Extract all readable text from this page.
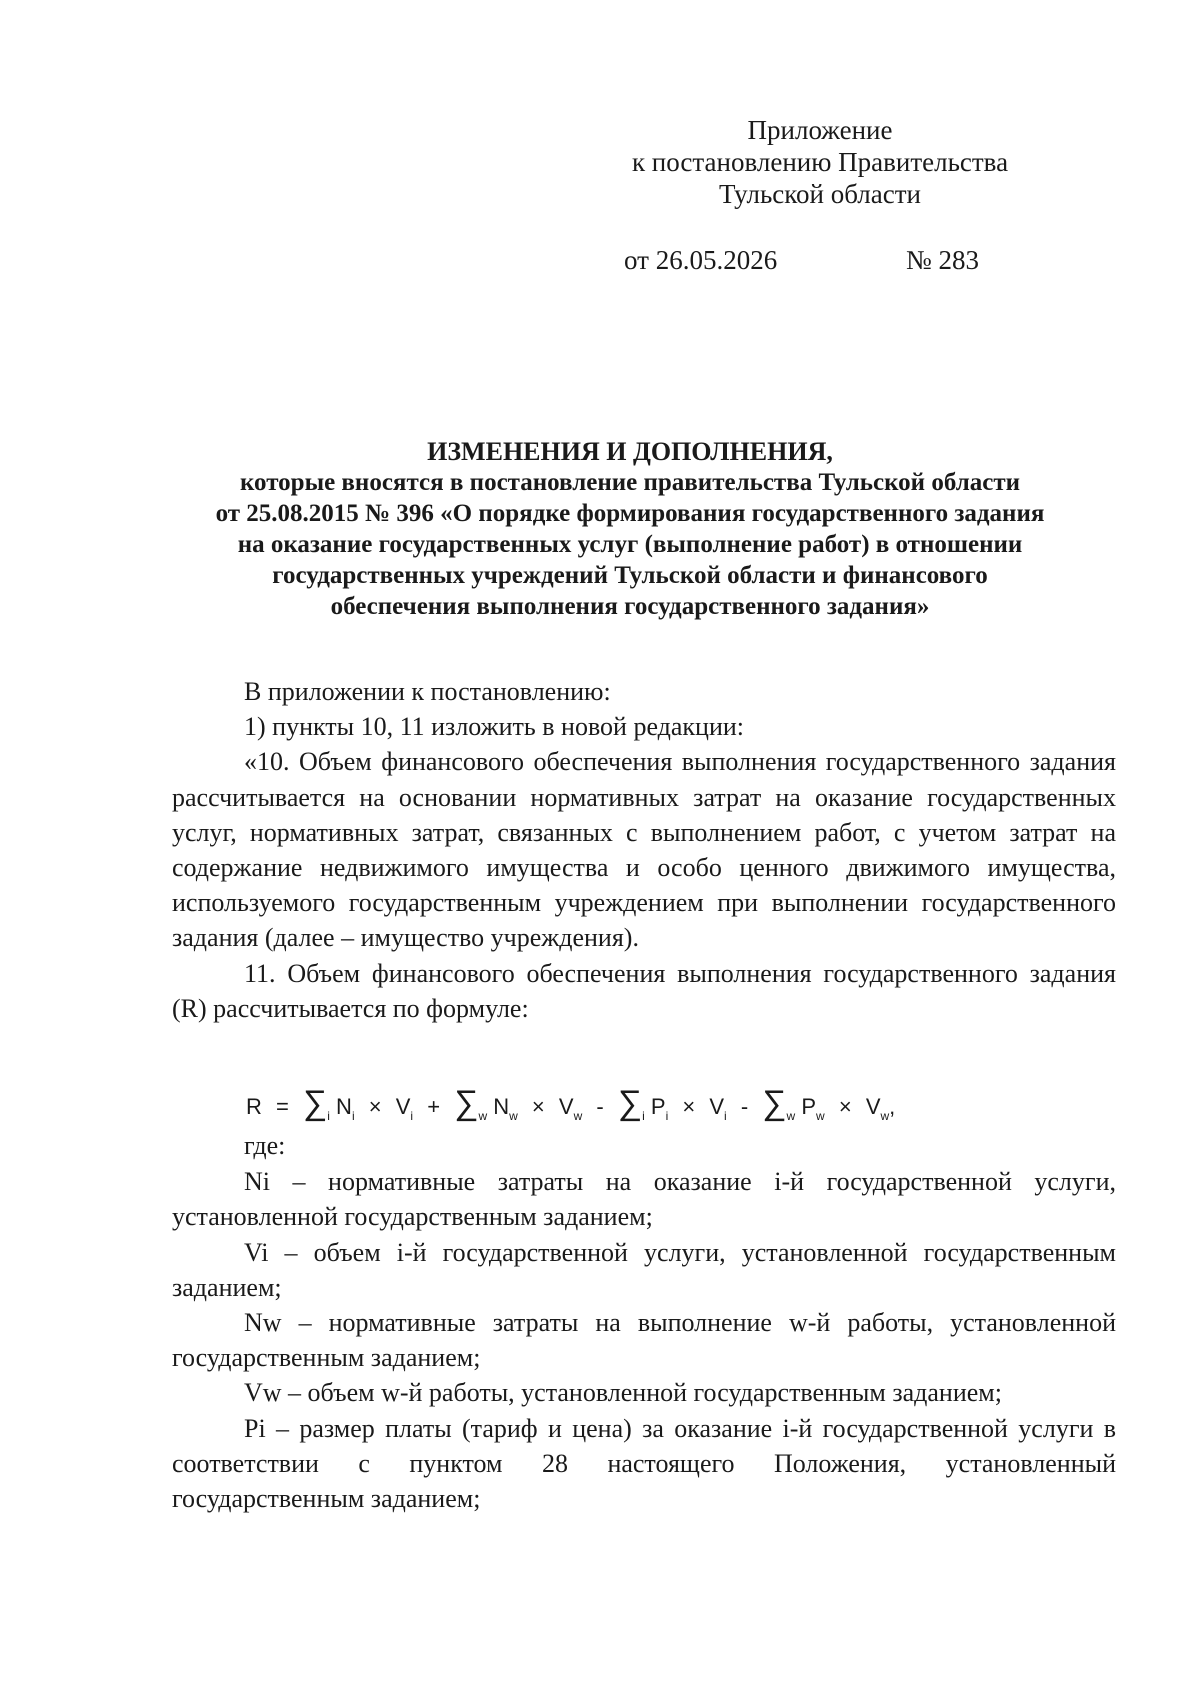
Приложение
к постановлению Правительства
Тульской области
от 26.05.2026	№ 283
ИЗМЕНЕНИЯ И ДОПОЛНЕНИЯ,
которые вносятся в постановление правительства Тульской области
от 25.08.2015 № 396 «О порядке формирования государственного задания
на оказание государственных услуг (выполнение работ) в отношении
государственных учреждений Тульской области и финансового
обеспечения выполнения государственного задания»

В приложении к постановлению:

1) пункты 10, 11 изложить в новой редакции:

«10. Объем финансового обеспечения выполнения государственного задания рассчитывается на основании нормативных затрат на оказание государственных услуг, нормативных затрат, связанных с выполнением работ, с учетом затрат на содержание недвижимого имущества и особо ценного движимого имущества, используемого государственным учреждением при выполнении государственного задания (далее – имущество учреждения).

11. Объем финансового обеспечения выполнения государственного задания (R) рассчитывается по формуле:

R = ∑i Ni × Vi + ∑w Nw × Vw - ∑i Pi × Vi - ∑w Pw × Vw,

где:

Ni – нормативные затраты на оказание i-й государственной услуги, установленной государственным заданием;

Vi – объем i-й государственной услуги, установленной государственным заданием;

Nw – нормативные затраты на выполнение w-й работы, установленной государственным заданием;

Vw – объем w-й работы, установленной государственным заданием;

Pi – размер платы (тариф и цена) за оказание i-й государственной услуги в соответствии с пунктом 28 настоящего Положения, установленный государственным заданием;
